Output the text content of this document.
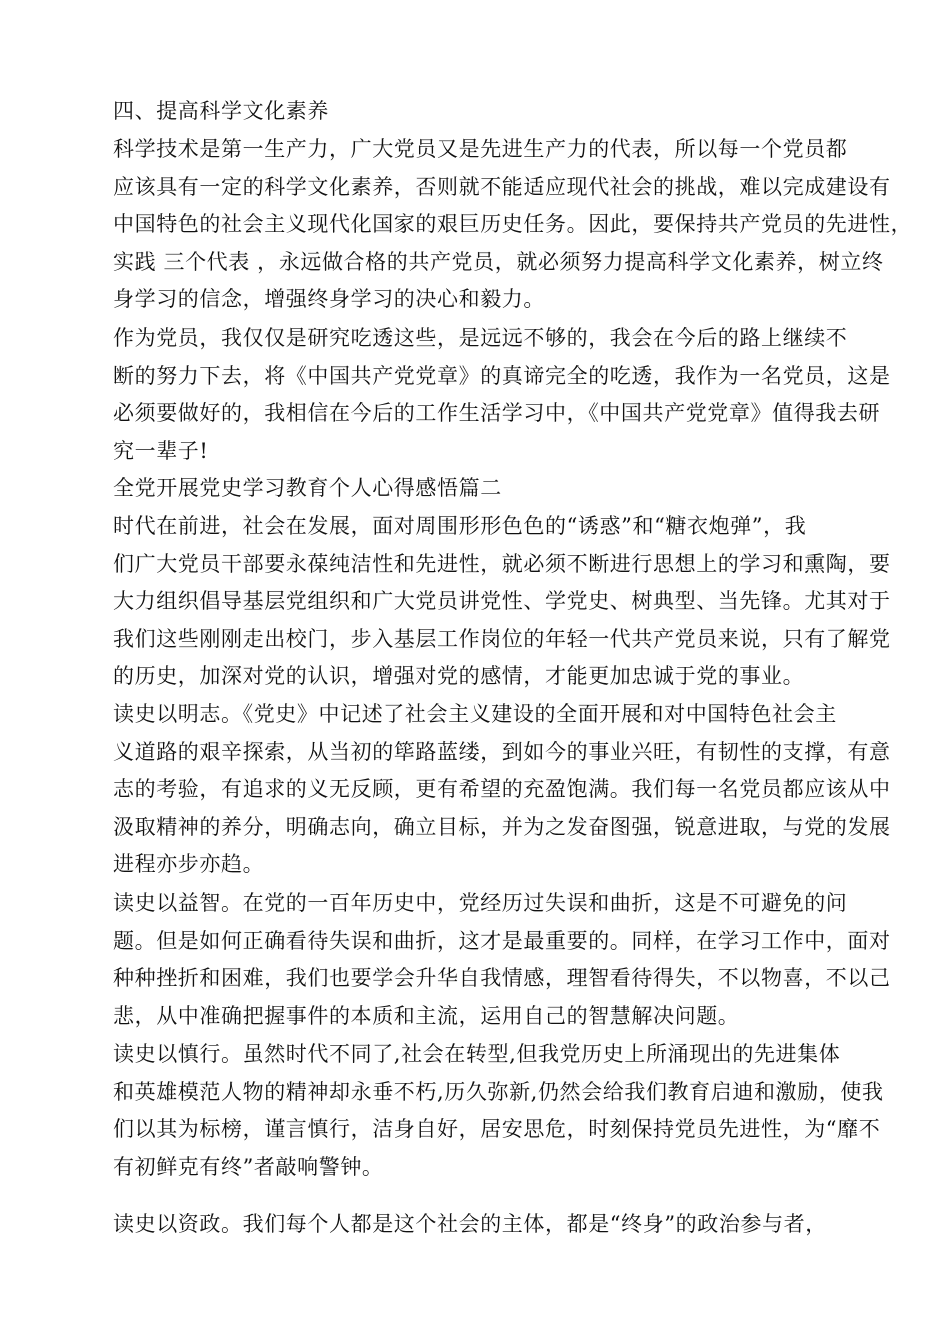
四、提高科学文化素养

科学技术是第一生产力，广大党员又是先进生产力的代表，所以每一个党员都
应该具有一定的科学文化素养，否则就不能适应现代社会的挑战，难以完成建设有
中国特色的社会主义现代化国家的艰巨历史任务。因此，要保持共产党员的先进性，
实践 三个代表 ，永远做合格的共产党员，就必须努力提高科学文化素养，树立终
身学习的信念，增强终身学习的决心和毅力。

作为党员，我仅仅是研究吃透这些，是远远不够的，我会在今后的路上继续不
断的努力下去，将《中国共产党党章》的真谛完全的吃透，我作为一名党员，这是
必须要做好的，我相信在今后的工作生活学习中，《中国共产党党章》值得我去研
究一辈子!

全党开展党史学习教育个人心得感悟篇二

时代在前进，社会在发展，面对周围形形色色的“诱惑”和“糖衣炮弹”，我
们广大党员干部要永葆纯洁性和先进性，就必须不断进行思想上的学习和熏陶，要
大力组织倡导基层党组织和广大党员讲党性、学党史、树典型、当先锋。尤其对于
我们这些刚刚走出校门，步入基层工作岗位的年轻一代共产党员来说，只有了解党
的历史，加深对党的认识，增强对党的感情，才能更加忠诚于党的事业。

读史以明志。《党史》中记述了社会主义建设的全面开展和对中国特色社会主
义道路的艰辛探索，从当初的筚路蓝缕，到如今的事业兴旺，有韧性的支撑，有意
志的考验，有追求的义无反顾，更有希望的充盈饱满。我们每一名党员都应该从中
汲取精神的养分，明确志向，确立目标，并为之发奋图强，锐意进取，与党的发展
进程亦步亦趋。

读史以益智。在党的一百年历史中，党经历过失误和曲折，这是不可避免的问
题。但是如何正确看待失误和曲折，这才是最重要的。同样，在学习工作中，面对
种种挫折和困难，我们也要学会升华自我情感，理智看待得失，不以物喜，不以己
悲，从中准确把握事件的本质和主流，运用自己的智慧解决问题。

读史以慎行。虽然时代不同了,社会在转型,但我党历史上所涌现出的先进集体
和英雄模范人物的精神却永垂不朽,历久弥新,仍然会给我们教育启迪和激励，使我
们以其为标榜，谨言慎行，洁身自好，居安思危，时刻保持党员先进性，为“靡不
有初鲜克有终”者敲响警钟。

读史以资政。我们每个人都是这个社会的主体，都是“终身”的政治参与者，
